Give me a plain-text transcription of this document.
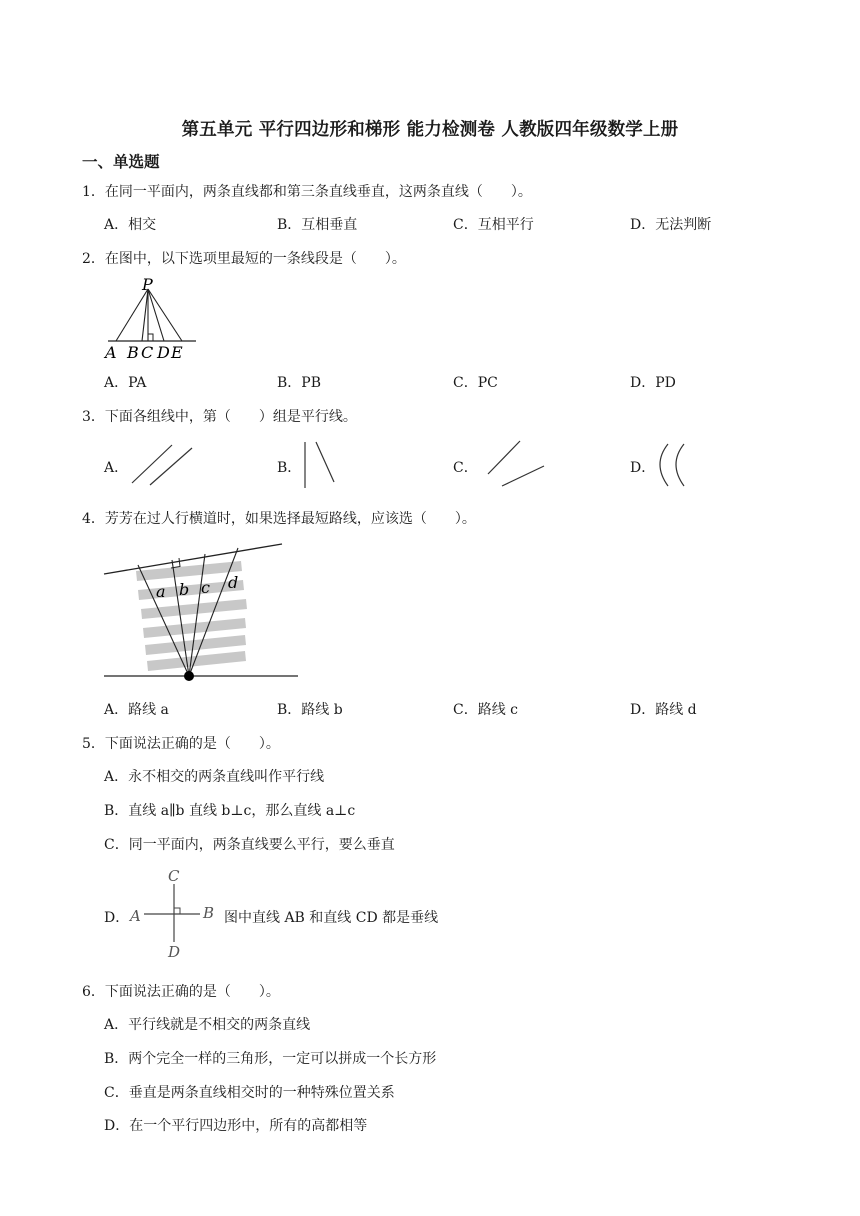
第五单元 平行四边形和梯形 能力检测卷 人教版四年级数学上册
一、单选题
1．在同一平面内，两条直线都和第三条直线垂直，这两条直线（　　）。
A．相交	B．互相垂直	C．互相平行	D．无法判断
2．在图中，以下选项里最短的一条线段是（　　）。
P
A B C D E
A．PA	B．PB	C．PC	D．PD
3．下面各组线中，第（　　）组是平行线。
A．	B．	C．	D．
4．芳芳在过人行横道时，如果选择最短路线，应该选（　　）。
a b c d
A．路线 a	B．路线 b	C．路线 c	D．路线 d
5．下面说法正确的是（　　）。
A．永不相交的两条直线叫作平行线
B．直线 a∥b 直线 b⊥c，那么直线 a⊥c
C．同一平面内，两条直线要么平行，要么垂直
D．
C
A	B
D
图中直线 AB 和直线 CD 都是垂线
6．下面说法正确的是（　　）。
A．平行线就是不相交的两条直线
B．两个完全一样的三角形，一定可以拼成一个长方形
C．垂直是两条直线相交时的一种特殊位置关系
D．在一个平行四边形中，所有的高都相等
